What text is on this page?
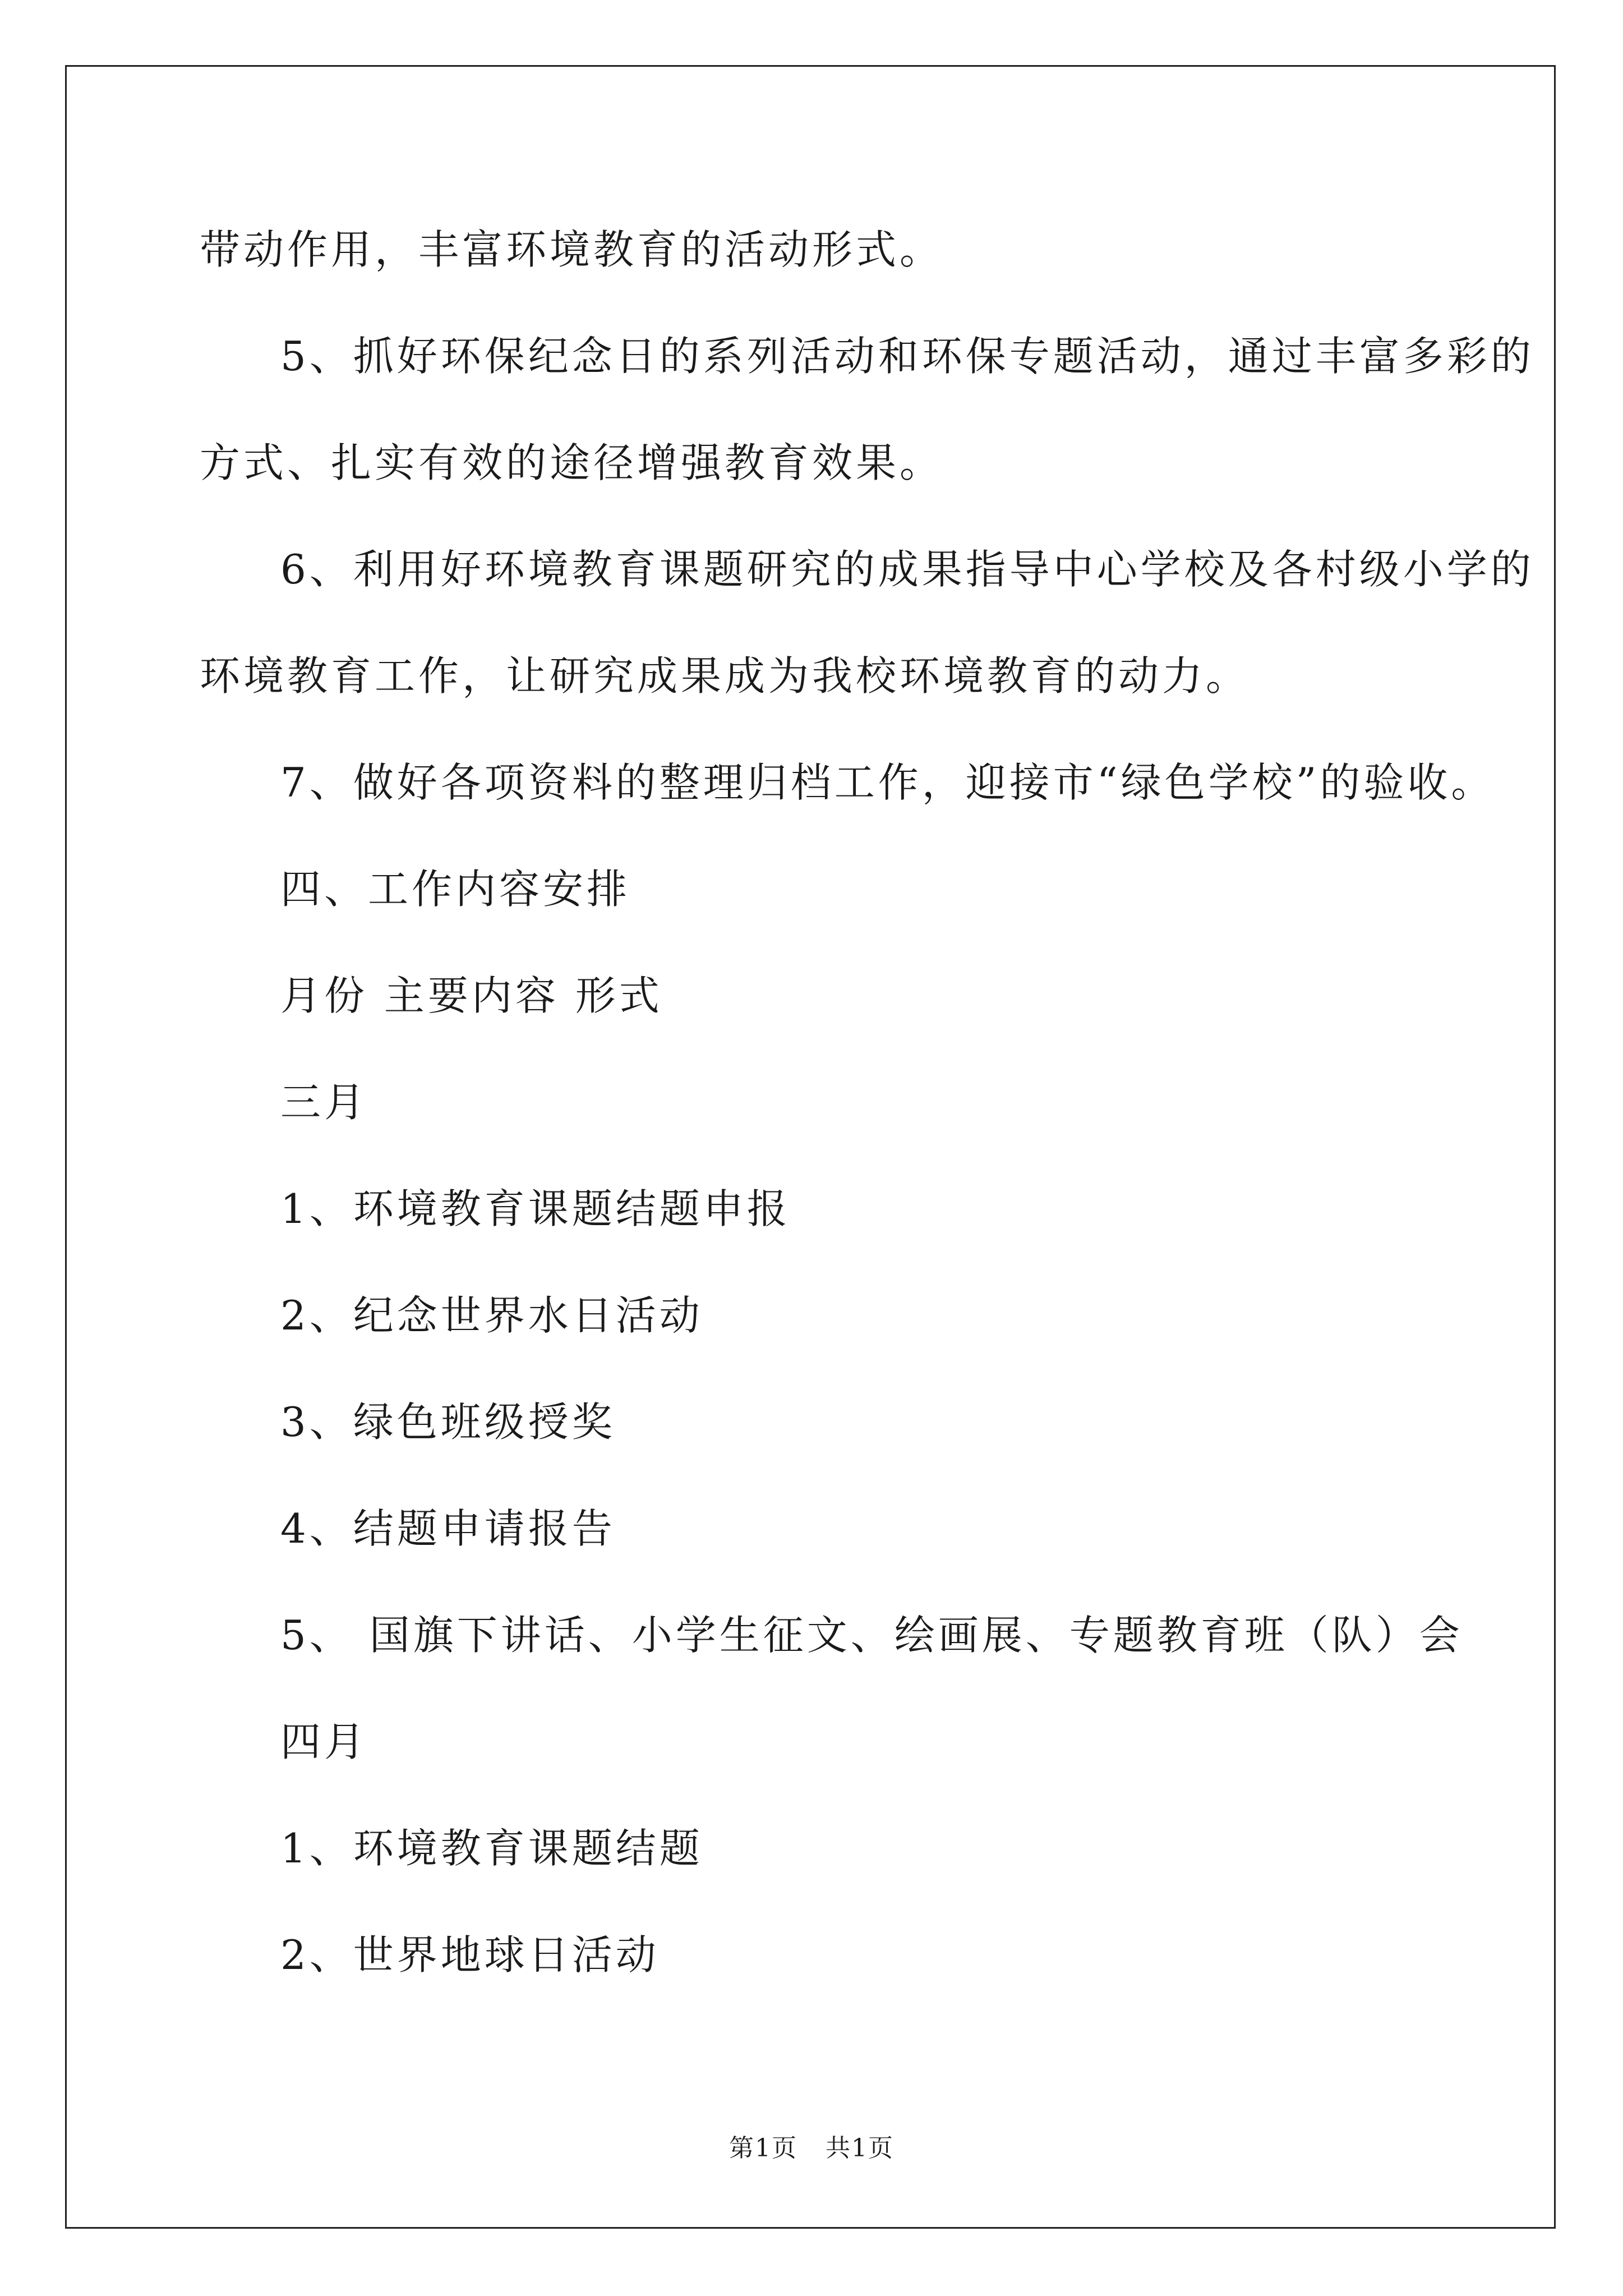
带动作用，丰富环境教育的活动形式。
5、抓好环保纪念日的系列活动和环保专题活动，通过丰富多彩的
方式、扎实有效的途径增强教育效果。
6、利用好环境教育课题研究的成果指导中心学校及各村级小学的
环境教育工作，让研究成果成为我校环境教育的动力。
7、做好各项资料的整理归档工作，迎接市“绿色学校”的验收。
四、工作内容安排
月份 主要内容 形式
三月
1、环境教育课题结题申报
2、纪念世界水日活动
3、绿色班级授奖
4、结题申请报告
5、 国旗下讲话、小学生征文、绘画展、专题教育班（队）会
四月
1、环境教育课题结题
2、世界地球日活动
第1页 共1页
